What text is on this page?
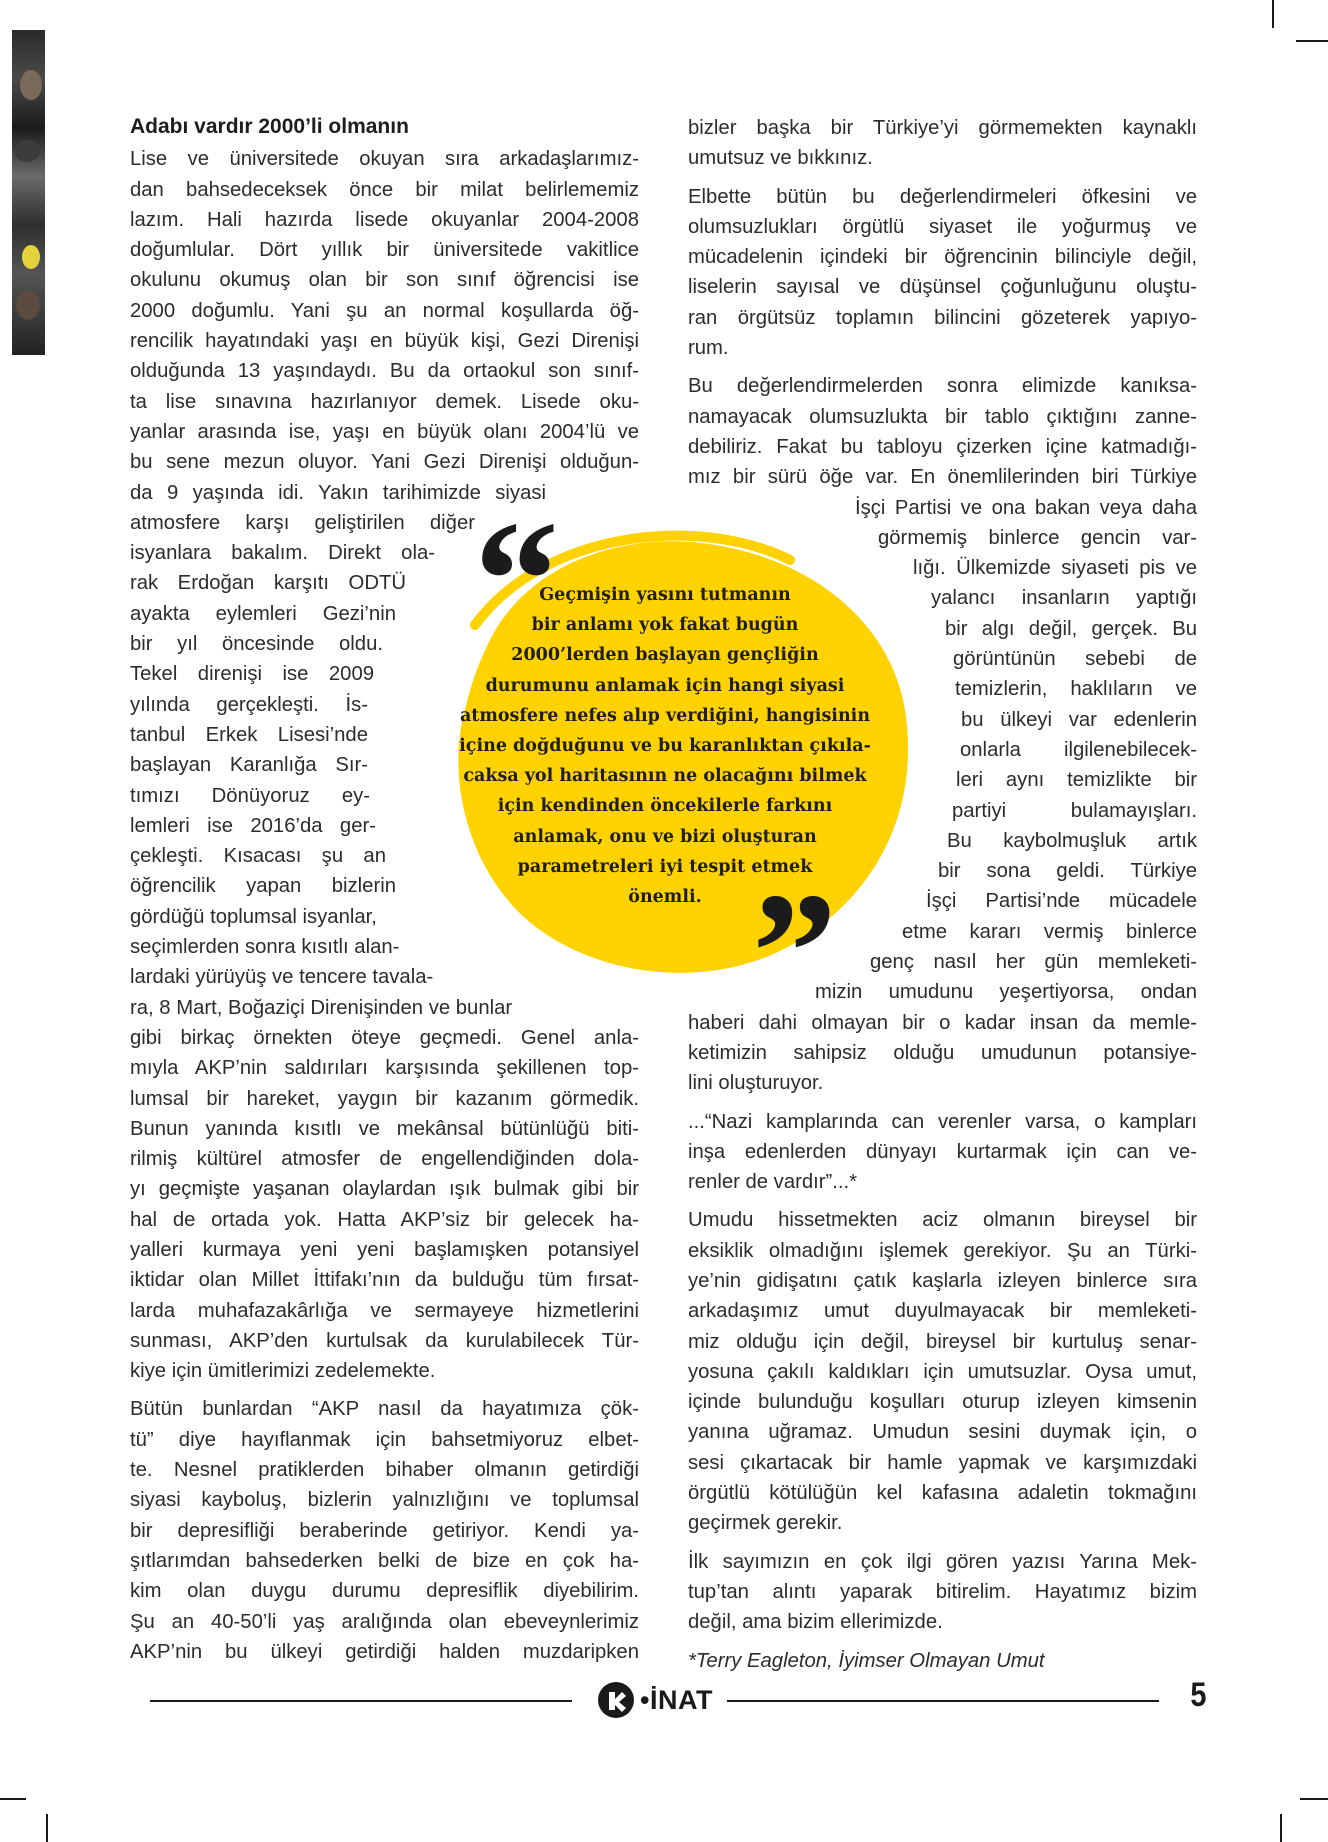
Adabı vardır 2000’li olmanın

Lise ve üniversitede okuyan sıra arkadaşlarımız-
dan bahsedeceksek önce bir milat belirlememiz
lazım. Hali hazırda lisede okuyanlar 2004-2008
doğumlular. Dört yıllık bir üniversitede vakitlice
okulunu okumuş olan bir son sınıf öğrencisi ise
2000 doğumlu. Yani şu an normal koşullarda öğ-
rencilik hayatındaki yaşı en büyük kişi, Gezi Direnişi
olduğunda 13 yaşındaydı. Bu da ortaokul son sınıf-
ta lise sınavına hazırlanıyor demek. Lisede oku-
yanlar arasında ise, yaşı en büyük olanı 2004’lü ve
bu sene mezun oluyor. Yani Gezi Direnişi olduğun-
da 9 yaşında idi. Yakın tarihimizde siyasi
atmosfere karşı geliştirilen diğer
isyanlara bakalım. Direkt ola-
rak Erdoğan karşıtı ODTÜ
ayakta eylemleri Gezi’nin
bir yıl öncesinde oldu.
Tekel direnişi ise 2009
yılında gerçekleşti. İs-
tanbul Erkek Lisesi’nde
başlayan Karanlığa Sır-
tımızı Dönüyoruz ey-
lemleri ise 2016’da ger-
çekleşti. Kısacası şu an
öğrencilik yapan bizlerin
gördüğü toplumsal isyanlar,
seçimlerden sonra kısıtlı alan-
lardaki yürüyüş ve tencere tavala-
ra, 8 Mart, Boğaziçi Direnişinden ve bunlar
gibi birkaç örnekten öteye geçmedi. Genel anla-
mıyla AKP’nin saldırıları karşısında şekillenen top-
lumsal bir hareket, yaygın bir kazanım görmedik.
Bunun yanında kısıtlı ve mekânsal bütünlüğü biti-
rilmiş kültürel atmosfer de engellendiğinden dola-
yı geçmişte yaşanan olaylardan ışık bulmak gibi bir
hal de ortada yok. Hatta AKP’siz bir gelecek ha-
yalleri kurmaya yeni yeni başlamışken potansiyel
iktidar olan Millet İttifakı’nın da bulduğu tüm fırsat-
larda muhafazakârlığa ve sermayeye hizmetlerini
sunması, AKP’den kurtulsak da kurulabilecek Tür-
kiye için ümitlerimizi zedelemekte.

Bütün bunlardan “AKP nasıl da hayatımıza çök-
tü” diye hayıflanmak için bahsetmiyoruz elbet-
te. Nesnel pratiklerden bihaber olmanın getirdiği
siyasi kayboluş, bizlerin yalnızlığını ve toplumsal
bir depresifliği beraberinde getiriyor. Kendi ya-
şıtlarımdan bahsederken belki de bize en çok ha-
kim olan duygu durumu depresiflik diyebilirim.
Şu an 40-50’li yaş aralığında olan ebeveynlerimiz
AKP’nin bu ülkeyi getirdiği halden muzdaripken

“
”
Geçmişin yasını tutmanın
bir anlamı yok fakat bugün
2000’lerden başlayan gençliğin
durumunu anlamak için hangi siyasi
atmosfere nefes alıp verdiğini, hangisinin
içine doğduğunu ve bu karanlıktan çıkıla-
caksa yol haritasının ne olacağını bilmek
için kendinden öncekilerle farkını
anlamak, onu ve bizi oluşturan
parametreleri iyi tespit etmek
önemli.

bizler başka bir Türkiye’yi görmemekten kaynaklı
umutsuz ve bıkkınız.

Elbette bütün bu değerlendirmeleri öfkesini ve
olumsuzlukları örgütlü siyaset ile yoğurmuş ve
mücadelenin içindeki bir öğrencinin bilinciyle değil,
liselerin sayısal ve düşünsel çoğunluğunu oluştu-
ran örgütsüz toplamın bilincini gözeterek yapıyo-
rum.

Bu değerlendirmelerden sonra elimizde kanıksa-
namayacak olumsuzlukta bir tablo çıktığını zanne-
debiliriz. Fakat bu tabloyu çizerken içine katmadığı-
mız bir sürü öğe var. En önemlilerinden biri Türkiye
İşçi Partisi ve ona bakan veya daha
görmemiş binlerce gencin var-
lığı. Ülkemizde siyaseti pis ve
yalancı insanların yaptığı
bir algı değil, gerçek. Bu
görüntünün sebebi de
temizlerin, haklıların ve
bu ülkeyi var edenlerin
onlarla ilgilenebilecek-
leri aynı temizlikte bir
partiyi bulamayışları.
Bu kaybolmuşluk artık
bir sona geldi. Türkiye
İşçi Partisi’nde mücadele
etme kararı vermiş binlerce
genç nasıl her gün memleketi-
mizin umudunu yeşertiyorsa, ondan
haberi dahi olmayan bir o kadar insan da memle-
ketimizin sahipsiz olduğu umudunun potansiye-
lini oluşturuyor.

...“Nazi kamplarında can verenler varsa, o kampları
inşa edenlerden dünyayı kurtarmak için can ve-
renler de vardır”...*

Umudu hissetmekten aciz olmanın bireysel bir
eksiklik olmadığını işlemek gerekiyor. Şu an Türki-
ye’nin gidişatını çatık kaşlarla izleyen binlerce sıra
arkadaşımız umut duyulmayacak bir memleketi-
miz olduğu için değil, bireysel bir kurtuluş senar-
yosuna çakılı kaldıkları için umutsuzlar. Oysa umut,
içinde bulunduğu koşulları oturup izleyen kimsenin
yanına uğramaz. Umudun sesini duymak için, o
sesi çıkartacak bir hamle yapmak ve karşımızdaki
örgütlü kötülüğün kel kafasına adaletin tokmağını
geçirmek gerekir.

İlk sayımızın en çok ilgi gören yazısı Yarına Mek-
tup’tan alıntı yaparak bitirelim. Hayatımız bizim
değil, ama bizim ellerimizde.

*Terry Eagleton, İyimser Olmayan Umut

•İNAT	5
